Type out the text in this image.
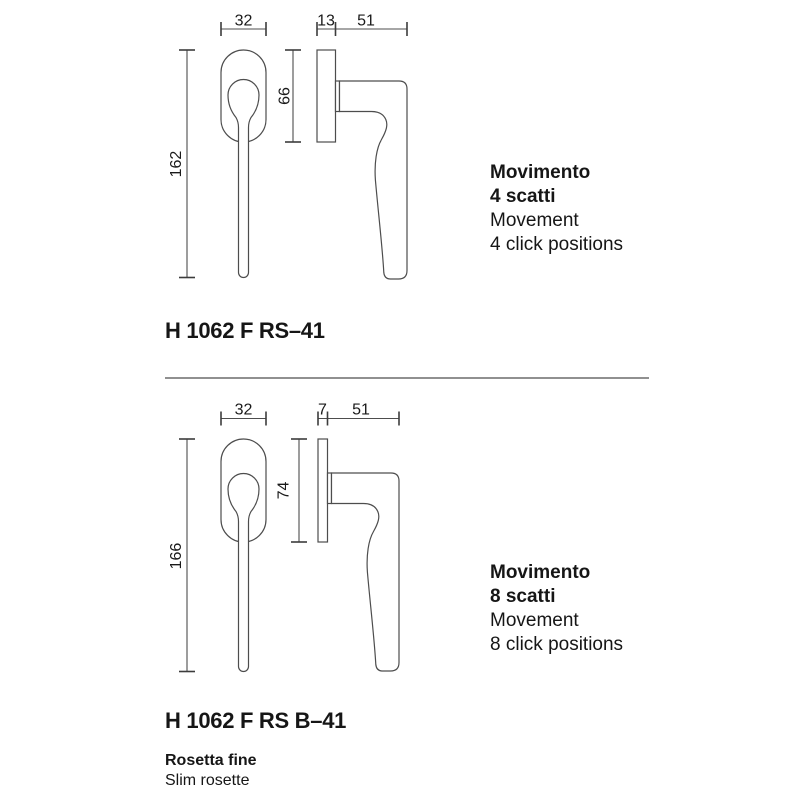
32
162
66
13 51
32
166
74
7 51
Movimento
4 scatti
Movement
4 click positions
H 1062 F RS–41
Movimento
8 scatti
Movement
8 click positions
H 1062 F RS B–41
Rosetta fine
Slim rosette
